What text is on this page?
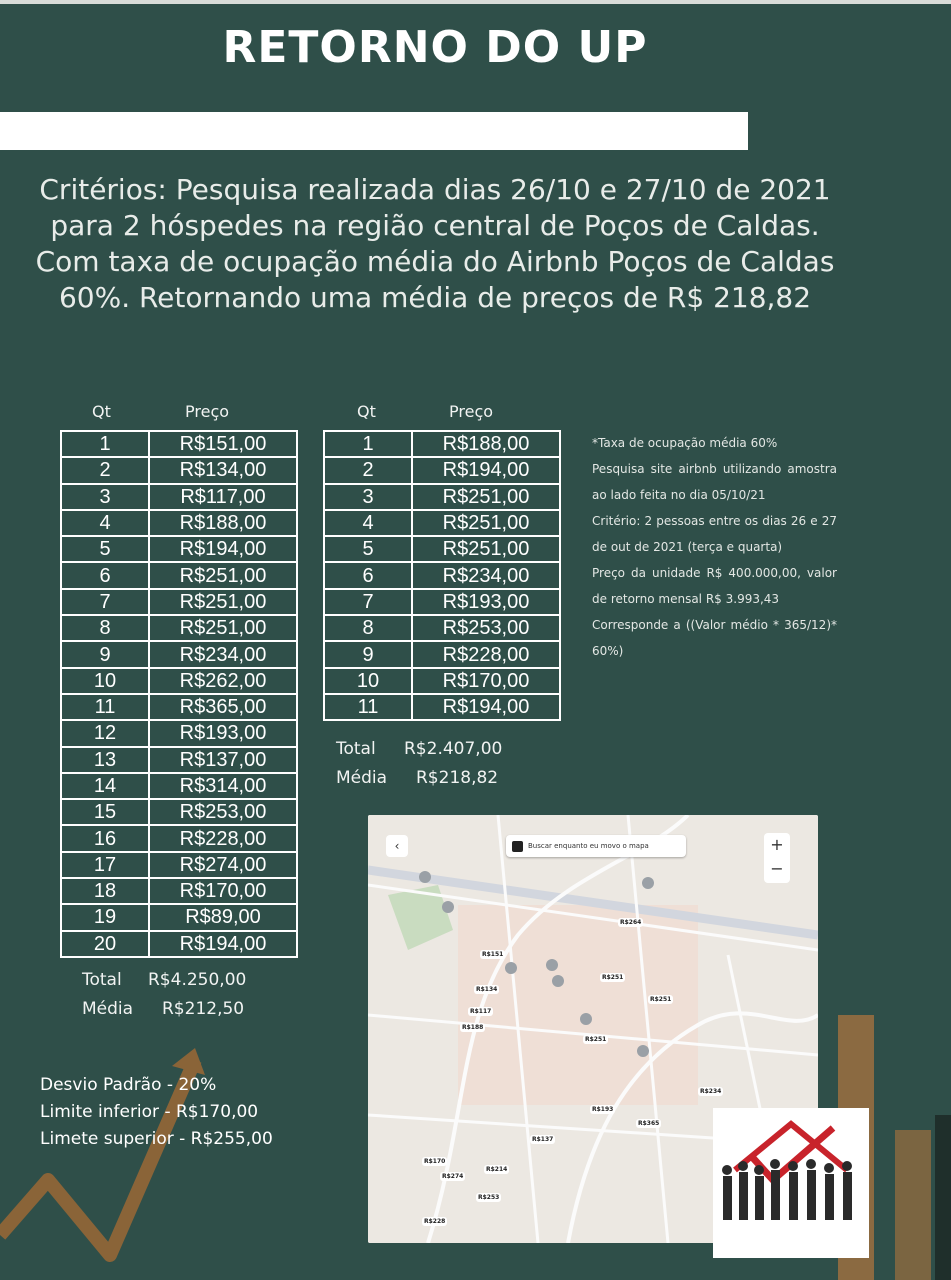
RETORNO DO UP

Critérios: Pesquisa realizada dias 26/10 e 27/10 de 2021 para 2 hóspedes na região central de Poços de Caldas. Com taxa de ocupação média do Airbnb Poços de Caldas 60%. Retornando uma média de preços de R$ 218,82

Qt	Preço
1	R$151,00
2	R$134,00
3	R$117,00
4	R$188,00
5	R$194,00
6	R$251,00
7	R$251,00
8	R$251,00
9	R$234,00
10	R$262,00
11	R$365,00
12	R$193,00
13	R$137,00
14	R$314,00
15	R$253,00
16	R$228,00
17	R$274,00
18	R$170,00
19	R$89,00
20	R$194,00
Total R$4.250,00
Média R$212,50
Qt	Preço
1	R$188,00
2	R$194,00
3	R$251,00
4	R$251,00
5	R$251,00
6	R$234,00
7	R$193,00
8	R$253,00
9	R$228,00
10	R$170,00
11	R$194,00
Total R$2.407,00
Média R$218,82

*Taxa de ocupação média 60%

Pesquisa site airbnb utilizando amostra ao lado feita no dia 05/10/21

Critério: 2 pessoas entre os dias 26 e 27 de out de 2021 (terça e quarta)

Preço da unidade R$ 400.000,00, valor de retorno mensal R$ 3.993,43

Corresponde a ((Valor médio * 365/12)* 60%)

Desvio Padrão - 20%
Limite inferior - R$170,00
Limete superior - R$255,00
‹	Buscar enquanto eu movo o mapa	+
−
R$264
R$151
R$134
R$251
R$251
R$117
R$188
R$251
R$234
R$193
R$365
R$137
R$170
R$274
R$214
R$253
R$228
